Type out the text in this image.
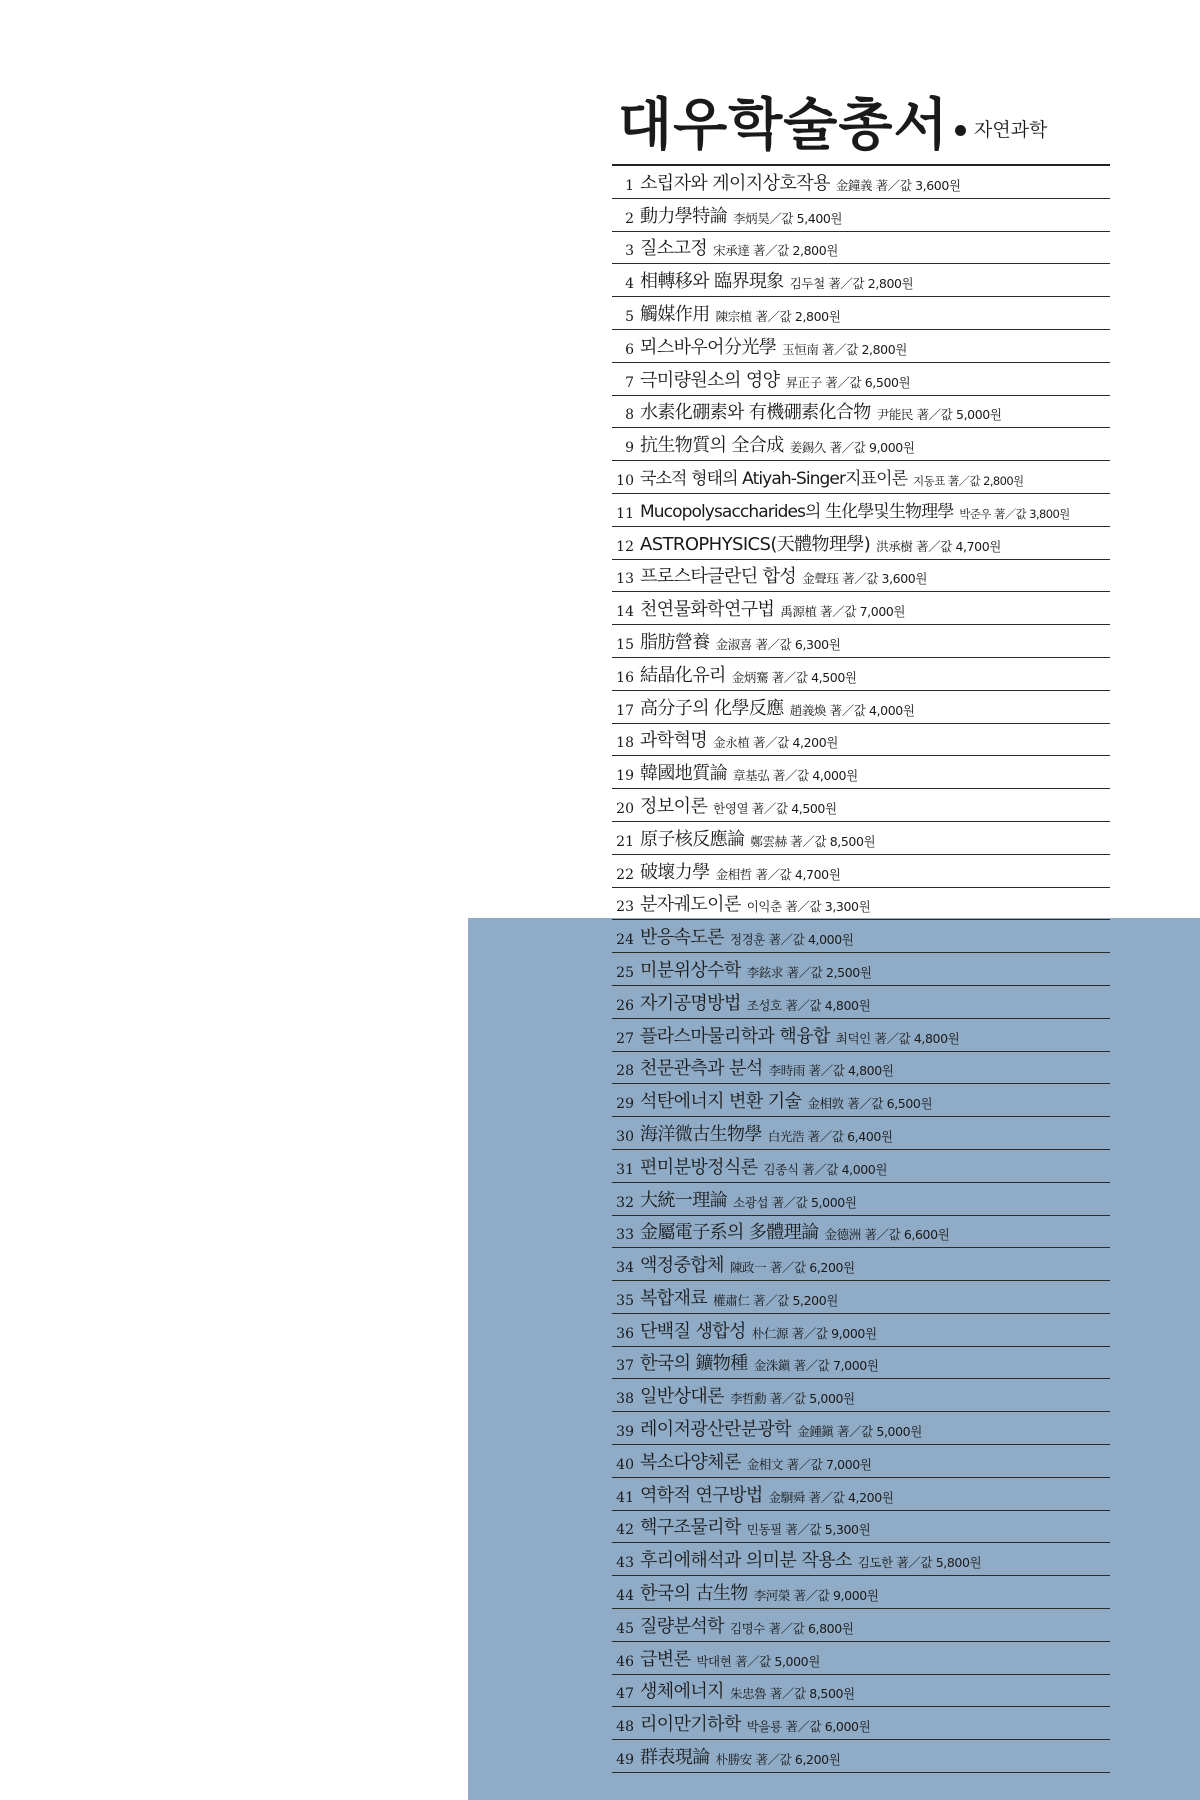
대우학술총서 자연과학
1 소립자와 게이지상호작용 金鐘義 著／값 3,600원
2 動力學特論 李炳昊／값 5,400원
3 질소고정 宋承達 著／값 2,800원
4 相轉移와 臨界現象 김두철 著／값 2,800원
5 觸媒作用 陳宗植 著／값 2,800원
6 뫼스바우어分光學 玉恒南 著／값 2,800원
7 극미량원소의 영양 昇正子 著／값 6,500원
8 水素化硼素와 有機硼素化合物 尹能民 著／값 5,000원
9 抗生物質의 全合成 姜錫久 著／값 9,000원
10 국소적 형태의 Atiyah-Singer지표이론 지동표 著／값 2,800원
11 Mucopolysaccharides의 生化學및生物理學 박준우 著／값 3,800원
12 ASTROPHYSICS(天體物理學) 洪承樹 著／값 4,700원
13 프로스타글란딘 합성 金聲珏 著／값 3,600원
14 천연물화학연구법 禹源植 著／값 7,000원
15 脂肪營養 金淑喜 著／값 6,300원
16 結晶化유리 金炳騫 著／값 4,500원
17 高分子의 化學反應 趙義煥 著／값 4,000원
18 과학혁명 金永植 著／값 4,200원
19 韓國地質論 章基弘 著／값 4,000원
20 정보이론 한영열 著／값 4,500원
21 原子核反應論 鄭雲赫 著／값 8,500원
22 破壞力學 金相哲 著／값 4,700원
23 분자궤도이론 이익춘 著／값 3,300원
24 반응속도론 정경훈 著／값 4,000원
25 미분위상수학 李鉉求 著／값 2,500원
26 자기공명방법 조성호 著／값 4,800원
27 플라스마물리학과 핵융합 최덕인 著／값 4,800원
28 천문관측과 분석 李時雨 著／값 4,800원
29 석탄에너지 변환 기술 金相敦 著／값 6,500원
30 海洋微古生物學 白光浩 著／값 6,400원
31 편미분방정식론 김종식 著／값 4,000원
32 大統一理論 소광섭 著／값 5,000원
33 金屬電子系의 多體理論 金德洲 著／값 6,600원
34 액정중합체 陳政一 著／값 6,200원
35 복합재료 權肅仁 著／값 5,200원
36 단백질 생합성 朴仁源 著／값 9,000원
37 한국의 鑛物種 金洙鎭 著／값 7,000원
38 일반상대론 李哲勳 著／값 5,000원
39 레이저광산란분광학 金鍾鎭 著／값 5,000원
40 복소다양체론 金相文 著／값 7,000원
41 역학적 연구방법 金駉舜 著／값 4,200원
42 핵구조물리학 민동필 著／값 5,300원
43 후리에해석과 의미분 작용소 김도한 著／값 5,800원
44 한국의 古生物 李河榮 著／값 9,000원
45 질량분석학 김명수 著／값 6,800원
46 급변론 박대현 著／값 5,000원
47 생체에너지 朱忠魯 著／값 8,500원
48 리이만기하학 박을룡 著／값 6,000원
49 群表現論 朴勝安 著／값 6,200원
